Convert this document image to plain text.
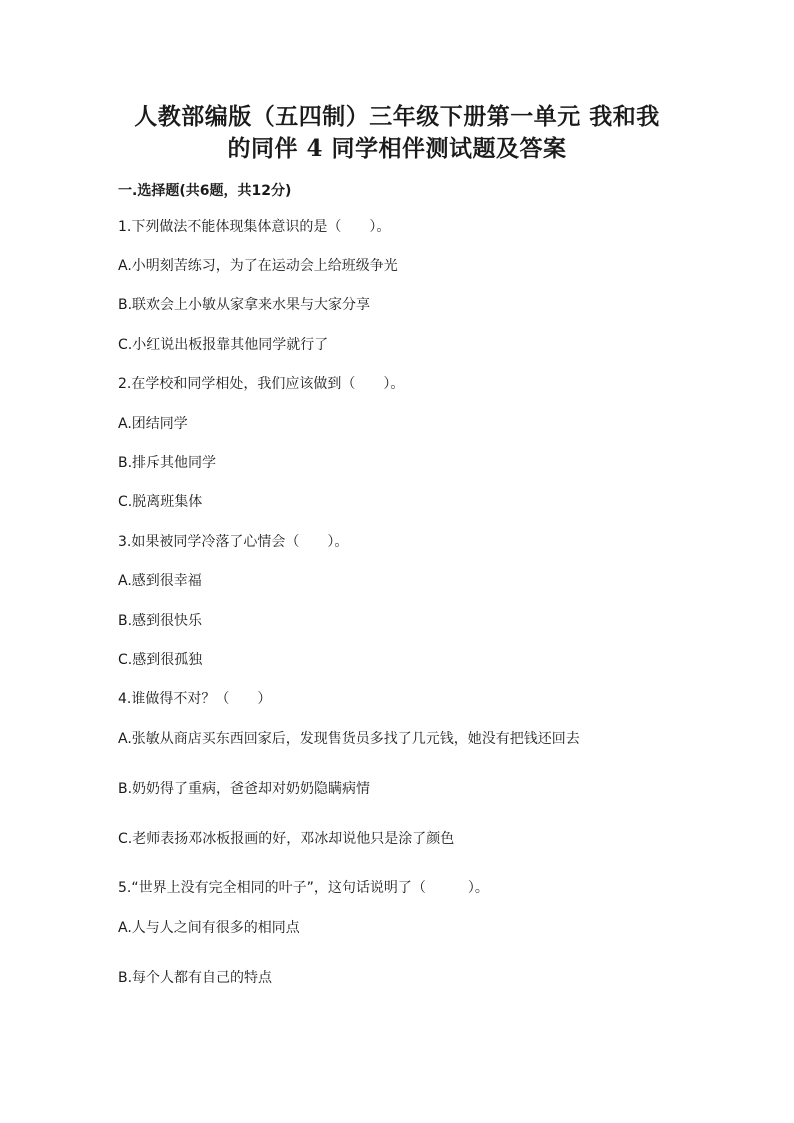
人教部编版（五四制）三年级下册第一单元 我和我
的同伴 4 同学相伴测试题及答案
一.选择题(共6题，共12分)
1.下列做法不能体现集体意识的是（　　）。
A.小明刻苦练习，为了在运动会上给班级争光
B.联欢会上小敏从家拿来水果与大家分享
C.小红说出板报靠其他同学就行了
2.在学校和同学相处，我们应该做到（　　）。
A.团结同学
B.排斥其他同学
C.脱离班集体
3.如果被同学冷落了心情会（　　）。
A.感到很幸福
B.感到很快乐
C.感到很孤独
4.谁做得不对？（　　）
A.张敏从商店买东西回家后，发现售货员多找了几元钱，她没有把钱还回去
B.奶奶得了重病，爸爸却对奶奶隐瞒病情
C.老师表扬邓冰板报画的好，邓冰却说他只是涂了颜色
5.“世界上没有完全相同的叶子”，这句话说明了（　　　）。
A.人与人之间有很多的相同点
B.每个人都有自己的特点
